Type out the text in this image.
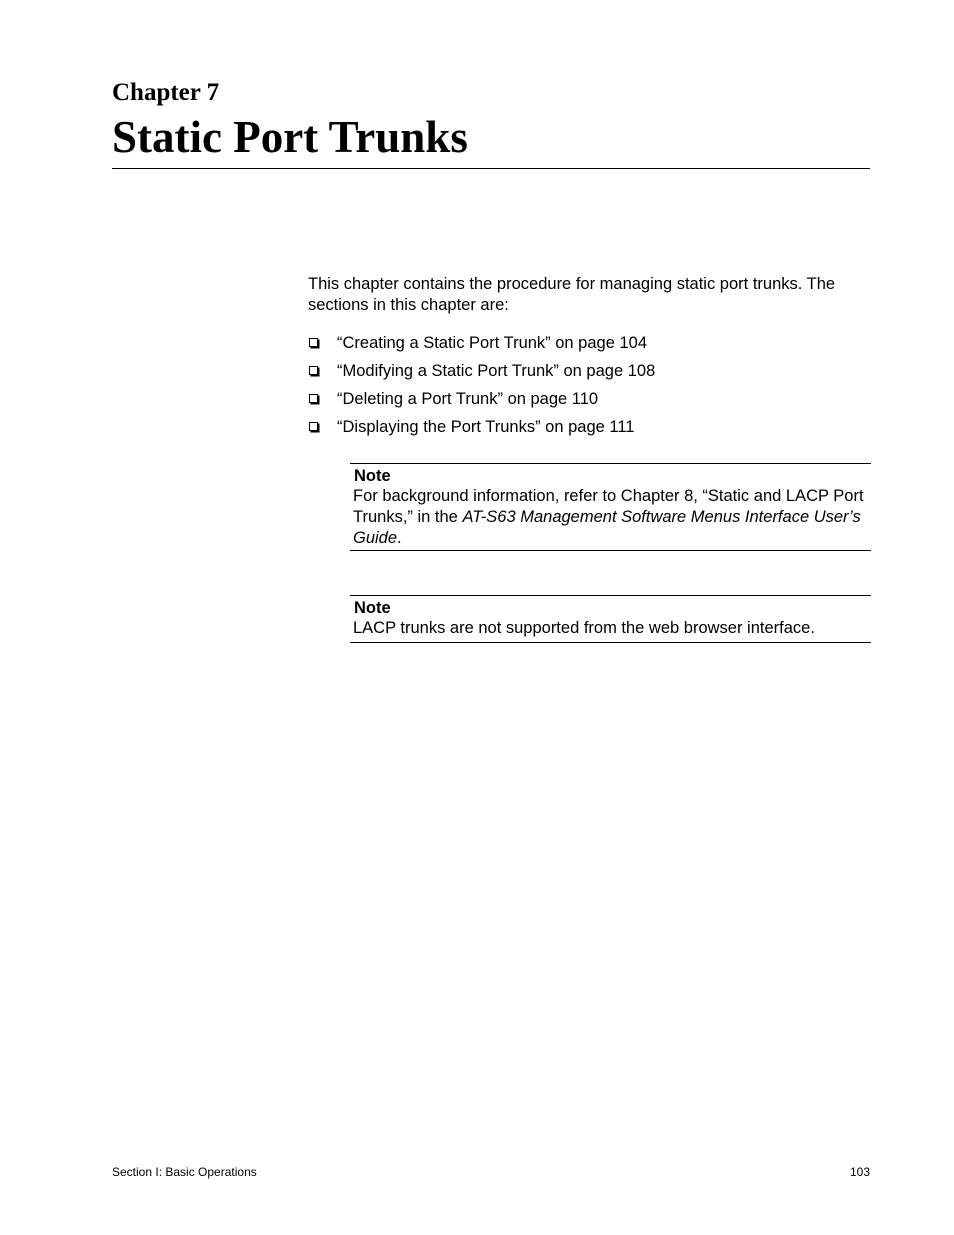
Chapter 7
Static Port Trunks

This chapter contains the procedure for managing static port trunks. The sections in this chapter are:

“Creating a Static Port Trunk” on page 104
“Modifying a Static Port Trunk” on page 108
“Deleting a Port Trunk” on page 110
“Displaying the Port Trunks” on page 111
Note
For background information, refer to Chapter 8, “Static and LACP Port Trunks,” in the AT-S63 Management Software Menus Interface User’s Guide.
Note
LACP trunks are not supported from the web browser interface.
Section I: Basic Operations	103
